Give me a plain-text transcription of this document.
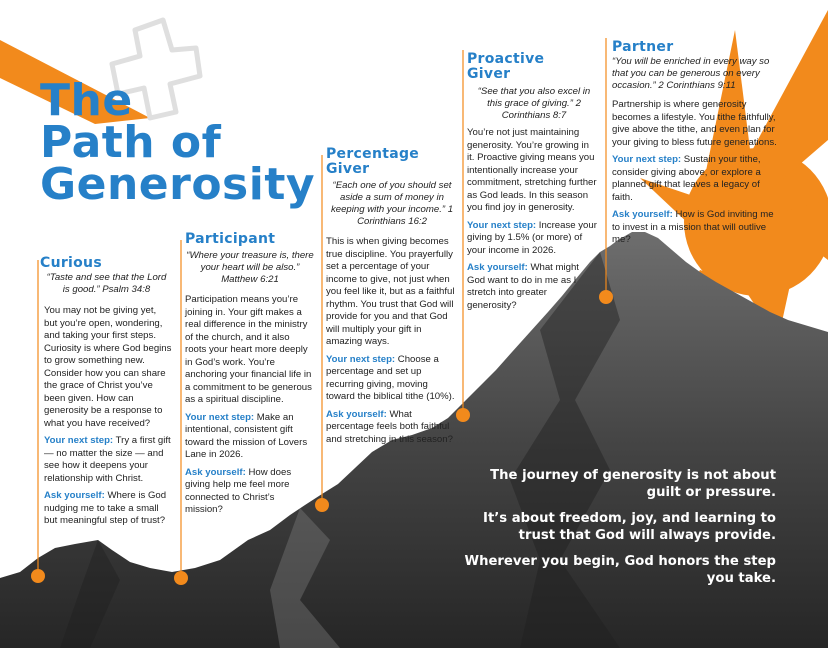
The
Path of
Generosity
Curious
“Taste and see that the Lord is good.” Psalm 34:8

You may not be giving yet, but you’re open, wondering, and taking your first steps. Curiosity is where God begins to grow something new. Consider how you can share the grace of Christ you’ve been given. How can generosity be a response to what you have received?

Your next step: Try a first gift — no matter the size — and see how it deepens your relationship with Christ.

Ask yourself: Where is God nudging me to take a small but meaningful step of trust?

Participant
“Where your treasure is, there your heart will be also.” Matthew 6:21

Participation means you’re joining in. Your gift makes a real difference in the ministry of the church, and it also roots your heart more deeply in God’s work. You’re anchoring your financial life in a commitment to be generous as a spiritual discipline.

Your next step: Make an intentional, consistent gift toward the mission of Lovers Lane in 2026.

Ask yourself: How does giving help me feel more connected to Christ’s mission?

Percentage Giver
“Each one of you should set aside a sum of money in keeping with your income.” 1 Corinthians 16:2

This is when giving becomes true discipline. You prayerfully set a percentage of your income to give, not just when you feel like it, but as a faithful rhythm. You trust that God will provide for you and that God will multiply your gift in amazing ways.

Your next step: Choose a percentage and set up recurring giving, moving toward the biblical tithe (10%).

Ask yourself: What percentage feels both faithful and stretching in this season?

Proactive Giver
“See that you also excel in this grace of giving.” 2 Corinthians 8:7

You’re not just maintaining generosity. You’re growing in it. Proactive giving means you intentionally increase your commitment, stretching further as God leads. In this season you find joy in generosity.

Your next step: Increase your giving by 1.5% (or more) of your income in 2026.

Ask yourself: What might God want to do in me as I stretch into greater generosity?

Partner
“You will be enriched in every way so that you can be generous on every occasion.” 2 Corinthians 9:11

Partnership is where generosity becomes a lifestyle. You tithe faithfully, give above the tithe, and even plan for your giving to bless future generations.

Your next step: Sustain your tithe, consider giving above, or explore a planned gift that leaves a legacy of faith.

Ask yourself: How is God inviting me to invest in a mission that will outlive me?

The journey of generosity is not about guilt or pressure.

It’s about freedom, joy, and learning to trust that God will always provide.

Wherever you begin, God honors the step you take.
